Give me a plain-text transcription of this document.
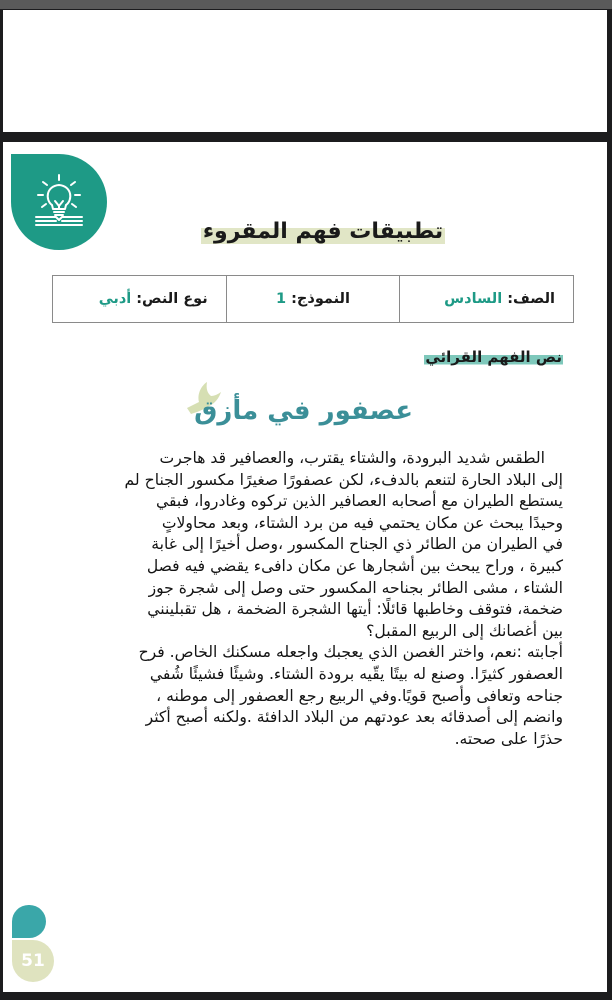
تطبيقات فهم المقروء
الصف:
السادس
النموذج:
1
نوع النص:
أدبي
نص الفهم القرائي
عصفور في مأزق
الطقس شديد البرودة، والشتاء يقترب، والعصافير قد هاجرت
إلى البلاد الحارة لتنعم بالدفء، لكن عصفورًا صغيرًا مكسور الجناح لم
يستطع الطيران مع أصحابه العصافير الذين تركوه وغادروا، فبقي
وحيدًا يبحث عن مكان يحتمي فيه من برد الشتاء، وبعد محاولاتٍ
في الطيران من الطائر ذي الجناح المكسور ،وصل أخيرًا إلى غابة
كبيرة ، وراح يبحث بين أشجارها عن مكان دافىء يقضي فيه فصل
الشتاء ، مشى الطائر بجناحه المكسور حتى وصل إلى شجرة جوز
ضخمة، فتوقف وخاطبها قائلًا: أيتها الشجرة الضخمة ، هل تقبلينني
بين أغصانك إلى الربيع المقبل؟
أجابته :نعم، واختر الغصن الذي يعجبك واجعله مسكنك الخاص. فرح
العصفور كثيرًا. وصنع له بيتًا يقّيه برودة الشتاء. وشيئًا فشيئًا شُفي
جناحه وتعافى وأصبح قويًا.وفي الربيع رجع العصفور إلى موطنه ،
وانضم إلى أصدقائه بعد عودتهم من البلاد الدافئة .ولكنه أصبح أكثر
حذرًا على صحته.
51
